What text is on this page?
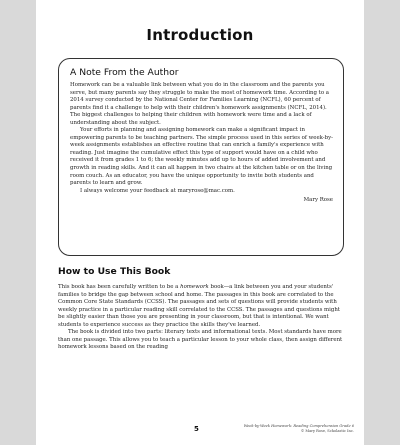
Introduction
A Note From the Author

Homework can be a valuable link between what you do in the classroom and the parents you serve, but many parents say they struggle to make the most of homework time. According to a 2014 survey conducted by the National Center for Families Learning (NCFL), 60 percent of parents find it a challenge to help with their children's homework assignments (NCFL, 2014). The biggest challenges to helping their children with homework were time and a lack of understanding about the subject.

Your efforts in planning and assigning homework can make a significant impact in empowering parents to be teaching partners. The simple process used in this series of week-by-week assignments establishes an effective routine that can enrich a family's experience with reading. Just imagine the cumulative effect this type of support would have on a child who received it from grades 1 to 6; the weekly minutes add up to hours of added involvement and growth in reading skills. And it can all happen in two chairs at the kitchen table or on the living room couch. As an educator, you have the unique opportunity to invite both students and parents to learn and grow.

I always welcome your feedback at maryrose@mac.com.

Mary Rose
How to Use This Book

This book has been carefully written to be a homework book—a link between you and your students' families to bridge the gap between school and home. The passages in this book are correlated to the Common Core State Standards (CCSS). The passages and sets of questions will provide students with weekly practice in a particular reading skill correlated to the CCSS. The passages and questions might be slightly easier than those you are presenting in your classroom, but that is intentional. We want students to experience success as they practice the skills they've learned.

The book is divided into two parts: literary texts and informational texts. Most standards have more than one passage. This allows you to teach a particular lesson to your whole class, then assign different homework lessons based on the reading

5	Week-by-Week Homework: Reading Comprehension Grade 6
© Mary Rose, Scholastic Inc.
